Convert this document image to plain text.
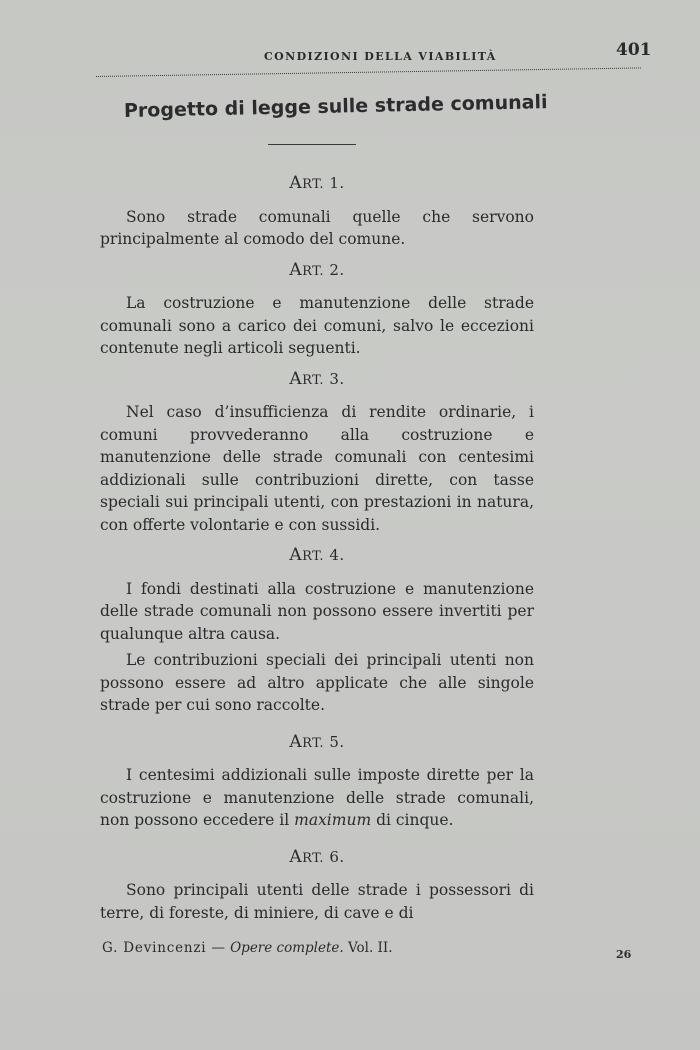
CONDIZIONI DELLA VIABILITÀ	401
Progetto di legge sulle strade comunali

ART. 1.

Sono strade comunali quelle che servono principalmente al comodo del comune.

ART. 2.

La costruzione e manutenzione delle strade comunali sono a carico dei comuni, salvo le eccezioni contenute negli articoli seguenti.

ART. 3.

Nel caso d’insufficienza di rendite ordinarie, i comuni provvederanno alla costruzione e manutenzione delle strade comunali con centesimi addizionali sulle contribuzioni dirette, con tasse speciali sui principali utenti, con prestazioni in natura, con offerte volontarie e con sussidi.

ART. 4.

I fondi destinati alla costruzione e manutenzione delle strade comunali non possono essere invertiti per qualunque altra causa.

Le contribuzioni speciali dei principali utenti non possono essere ad altro applicate che alle singole strade per cui sono raccolte.

ART. 5.

I centesimi addizionali sulle imposte dirette per la costruzione e manutenzione delle strade comunali, non possono eccedere il maximum di cinque.

ART. 6.

Sono principali utenti delle strade i possessori di terre, di foreste, di miniere, di cave e di

G. Devincenzi — Opere complete. Vol. II.	26
